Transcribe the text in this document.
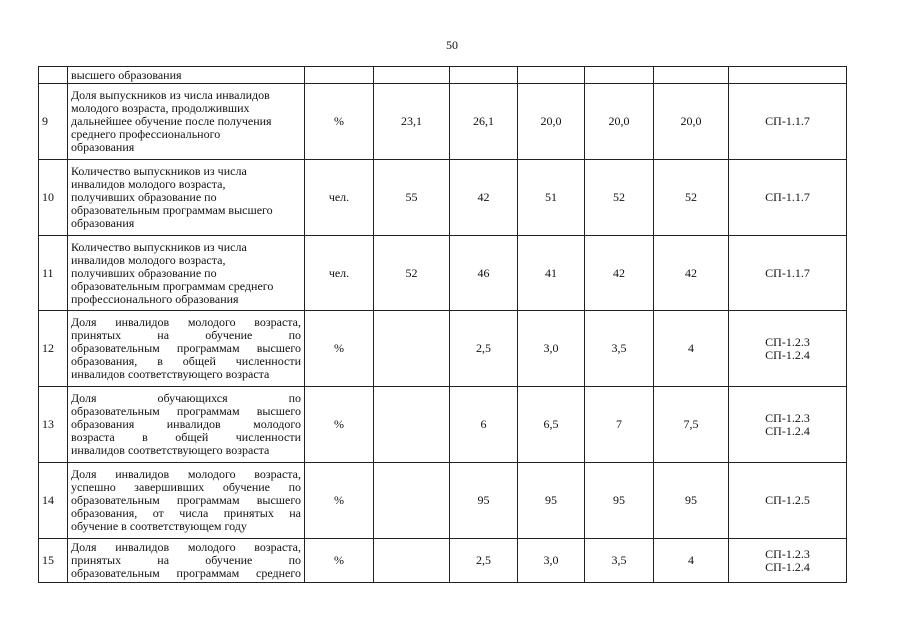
50
	высшего образования							
9	Доля выпускников из числа инвалидов
молодого возраста, продолживших
дальнейшее обучение после получения
среднего профессионального
образования	%	23,1	26,1	20,0	20,0	20,0	СП-1.1.7

10	Количество выпускников из числа
инвалидов молодого возраста,
получивших образование по
образовательным программам высшего
образования	чел.	55	42	51	52	52	СП-1.1.7

11	Количество выпускников из числа
инвалидов молодого возраста,
получивших образование по
образовательным программам среднего
профессионального образования	чел.	52	46	41	42	42	СП-1.1.7

12	Доля инвалидов молодого возраста,
принятых на обучение по
образовательным программам высшего
образования, в общей численности
инвалидов соответствующего возраста	%		2,5	3,0	3,5	4	СП-1.2.3
СП-1.2.4

13	Доля обучающихся по
образовательным программам высшего
образования инвалидов молодого
возраста в общей численности
инвалидов соответствующего возраста	%		6	6,5	7	7,5	СП-1.2.3
СП-1.2.4

14	Доля инвалидов молодого возраста,
успешно завершивших обучение по
образовательным программам высшего
образования, от числа принятых на
обучение в соответствующем году	%		95	95	95	95	СП-1.2.5

15	Доля инвалидов молодого возраста,
принятых на обучение по
образовательным программам среднего	%		2,5	3,0	3,5	4	СП-1.2.3
СП-1.2.4
